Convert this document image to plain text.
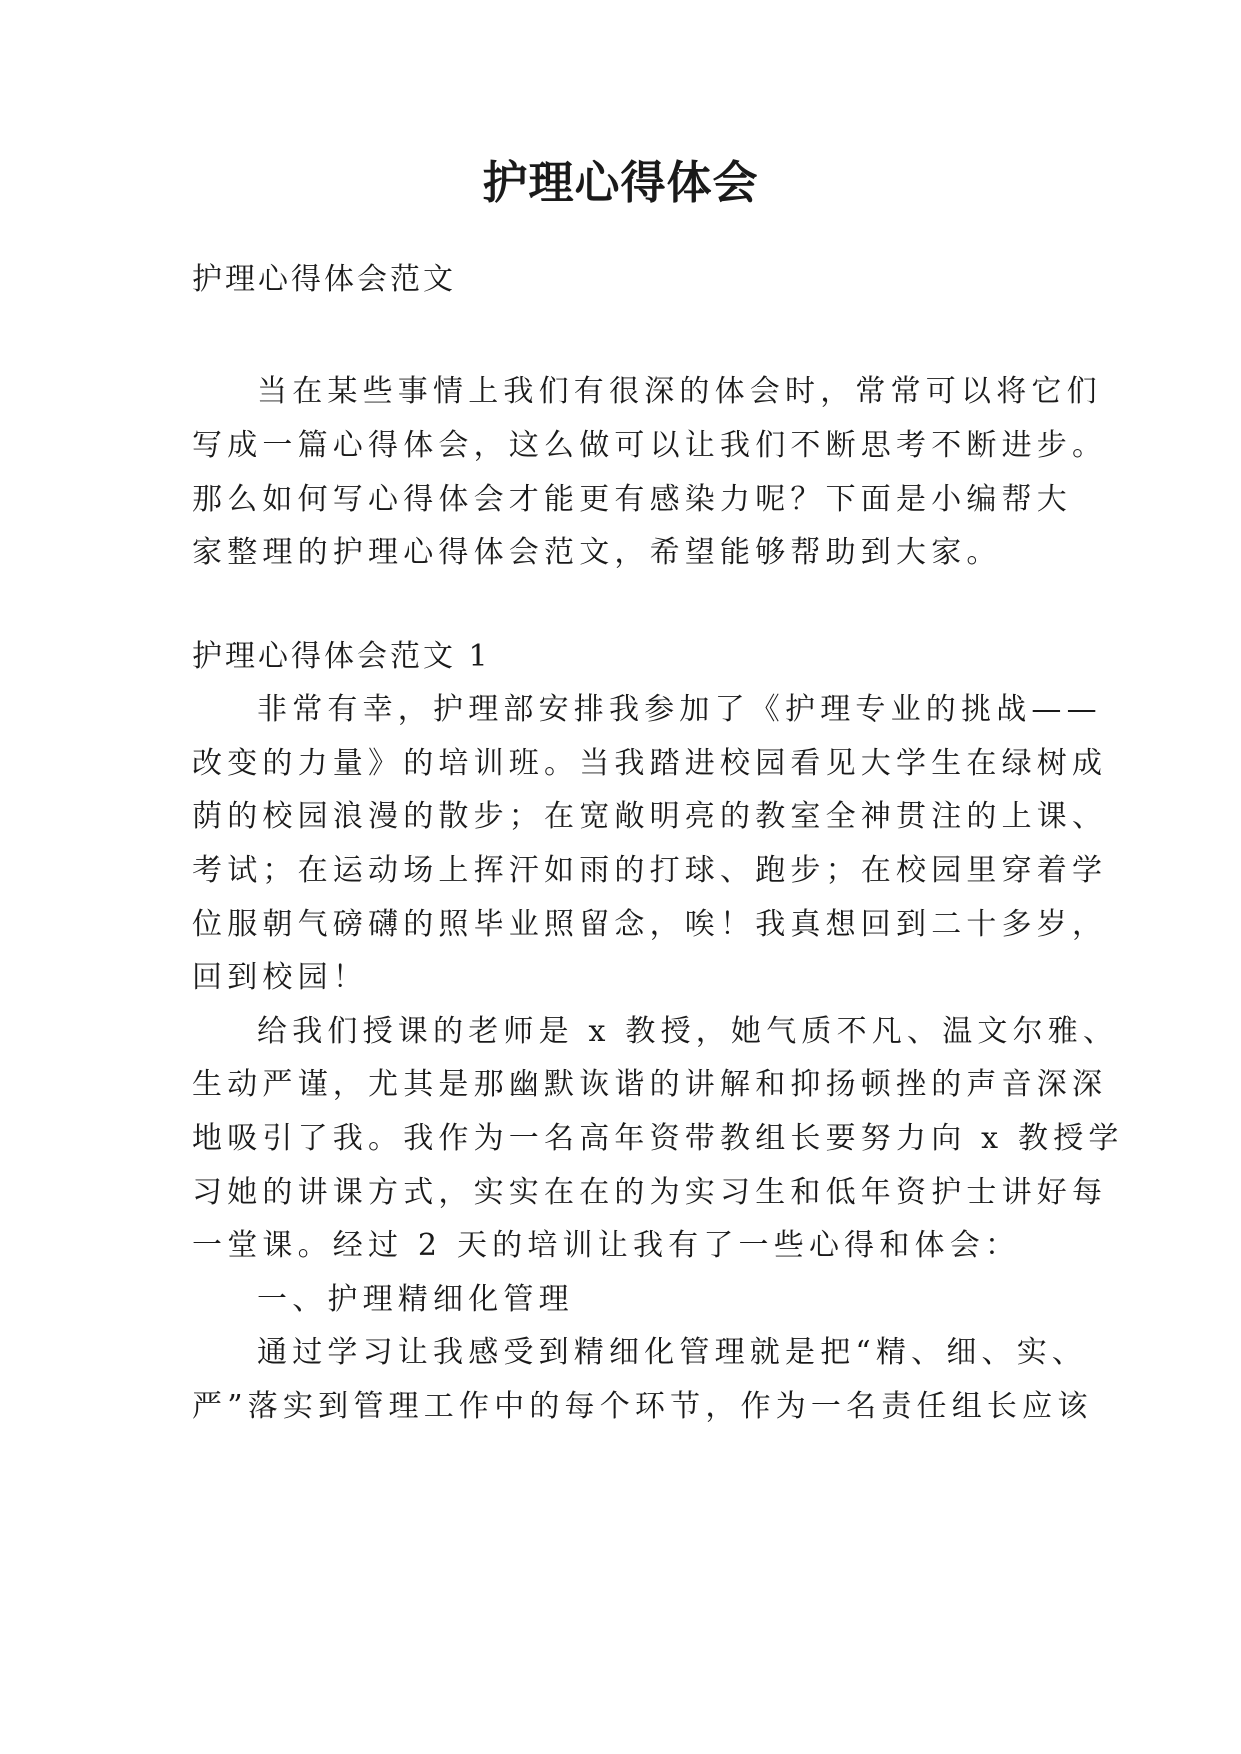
护理心得体会
护理心得体会范文
当在某些事情上我们有很深的体会时，常常可以将它们
写成一篇心得体会，这么做可以让我们不断思考不断进步。
那么如何写心得体会才能更有感染力呢？下面是小编帮大
家整理的护理心得体会范文，希望能够帮助到大家。
护理心得体会范文 1
非常有幸，护理部安排我参加了《护理专业的挑战——
改变的力量》的培训班。当我踏进校园看见大学生在绿树成
荫的校园浪漫的散步；在宽敞明亮的教室全神贯注的上课、
考试；在运动场上挥汗如雨的打球、跑步；在校园里穿着学
位服朝气磅礴的照毕业照留念，唉！我真想回到二十多岁，
回到校园！
给我们授课的老师是 x 教授，她气质不凡、温文尔雅、
生动严谨，尤其是那幽默诙谐的讲解和抑扬顿挫的声音深深
地吸引了我。我作为一名高年资带教组长要努力向 x 教授学
习她的讲课方式，实实在在的为实习生和低年资护士讲好每
一堂课。经过 2 天的培训让我有了一些心得和体会：
一、护理精细化管理
通过学习让我感受到精细化管理就是把“精、细、实、
严”落实到管理工作中的每个环节，作为一名责任组长应该
